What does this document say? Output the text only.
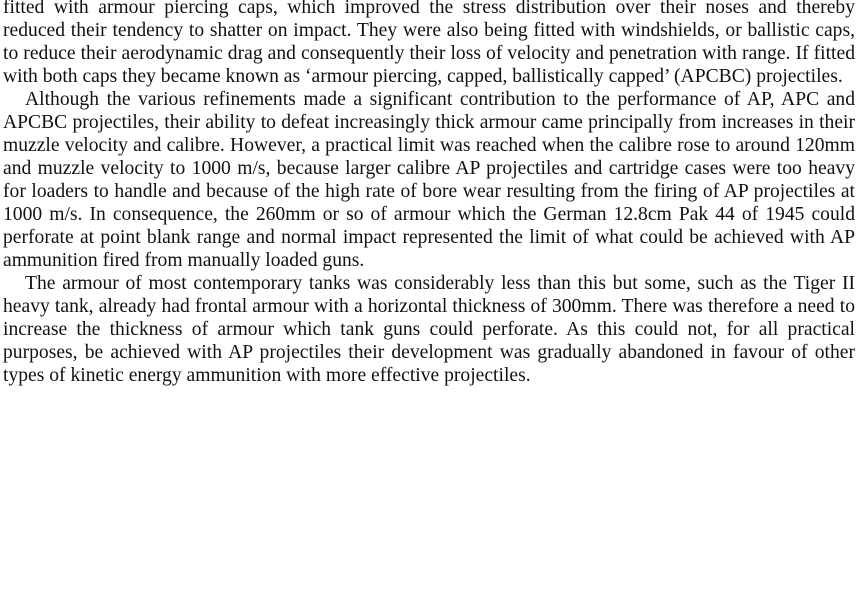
fitted with armour piercing caps, which improved the stress distribution over their noses and thereby reduced their tendency to shatter on impact. They were also being fitted with windshields, or ballistic caps, to reduce their aerodynamic drag and consequently their loss of velocity and penetration with range. If fitted with both caps they became known as ‘armour piercing, capped, ballistically capped’ (APCBC) projectiles.

Although the various refinements made a significant contribution to the performance of AP, APC and APCBC projectiles, their ability to defeat increasingly thick armour came principally from increases in their muzzle velocity and calibre. However, a practical limit was reached when the calibre rose to around 120mm and muzzle velocity to 1000 m/s, because larger calibre AP projectiles and cartridge cases were too heavy for loaders to handle and because of the high rate of bore wear resulting from the firing of AP projectiles at 1000 m/s. In consequence, the 260mm or so of armour which the German 12.8cm Pak 44 of 1945 could perforate at point blank range and normal impact represented the limit of what could be achieved with AP ammunition fired from manually loaded guns.

The armour of most contemporary tanks was considerably less than this but some, such as the Tiger II heavy tank, already had frontal armour with a horizontal thickness of 300mm. There was therefore a need to increase the thickness of armour which tank guns could perforate. As this could not, for all practical purposes, be achieved with AP projectiles their development was gradually abandoned in favour of other types of kinetic energy ammunition with more effective projectiles.
